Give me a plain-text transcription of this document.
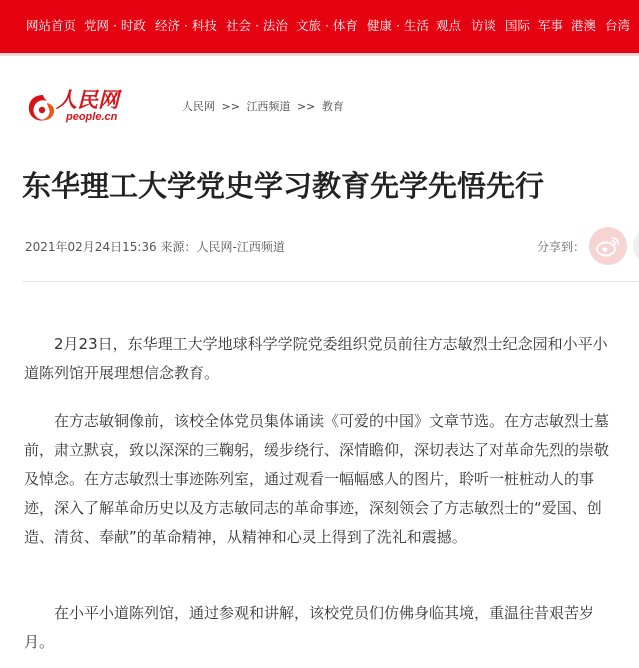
网站首页 党网 · 时政 经济 · 科技 社会 · 法治 文旅 · 体育 健康 · 生活 观点 访谈 国际 军事 港澳 台湾
人民网
people.cn
人民网 >> 江西频道 >> 教育
东华理工大学党史学习教育先学先悟先行
2021年02月24日15:36 来源：人民网-江西频道	分享到：

2月23日，东华理工大学地球科学学院党委组织党员前往方志敏烈士纪念园和小平小道陈列馆开展理想信念教育。

在方志敏铜像前，该校全体党员集体诵读《可爱的中国》文章节选。在方志敏烈士墓前，肃立默哀，致以深深的三鞠躬，缓步绕行、深情瞻仰，深切表达了对革命先烈的崇敬及悼念。在方志敏烈士事迹陈列室，通过观看一幅幅感人的图片，聆听一桩桩动人的事迹，深入了解革命历史以及方志敏同志的革命事迹，深刻领会了方志敏烈士的“爱国、创造、清贫、奉献”的革命精神，从精神和心灵上得到了洗礼和震撼。

在小平小道陈列馆，通过参观和讲解，该校党员们仿佛身临其境，重温往昔艰苦岁月。
